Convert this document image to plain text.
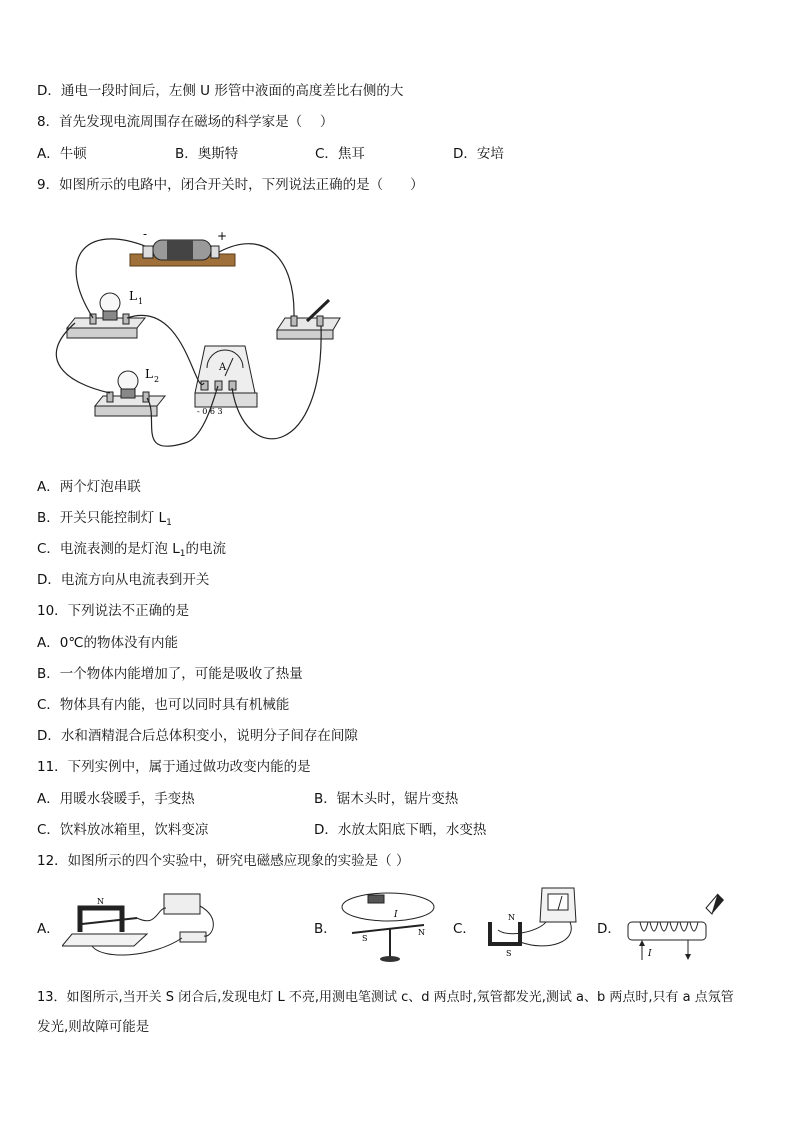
D．通电一段时间后，左侧 U 形管中液面的高度差比右侧的大
8．首先发现电流周围存在磁场的科学家是（　 ）
A．牛顿	B．奥斯特	C．焦耳	D．安培
9．如图所示的电路中，闭合开关时，下列说法正确的是（　　）
-	+
L 1
L 2
A
- 0.6 3
A．两个灯泡串联
B．开关只能控制灯 $L_1$
C．电流表测的是灯泡 $L_1$的电流
D．电流方向从电流表到开关
10．下列说法不正确的是
A．0℃的物体没有内能
B．一个物体内能增加了，可能是吸收了热量
C．物体具有内能，也可以同时具有机械能
D．水和酒精混合后总体积变小，说明分子间存在间隙
11．下列实例中，属于通过做功改变内能的是
A．用暖水袋暖手，手变热	B．锯木头时，锯片变热
C．饮料放冰箱里，饮料变凉	D．水放太阳底下晒，水变热
12．如图所示的四个实验中，研究电磁感应现象的实验是（ ）
A．
N
B．
I
S
N C．
N
S
D．
I
13．如图所示,当开关 S 闭合后,发现电灯 L 不亮,用测电笔测试 c、d 两点时,氖管都发光,测试 a、b 两点时,只有 a 点氖管
发光,则故障可能是
